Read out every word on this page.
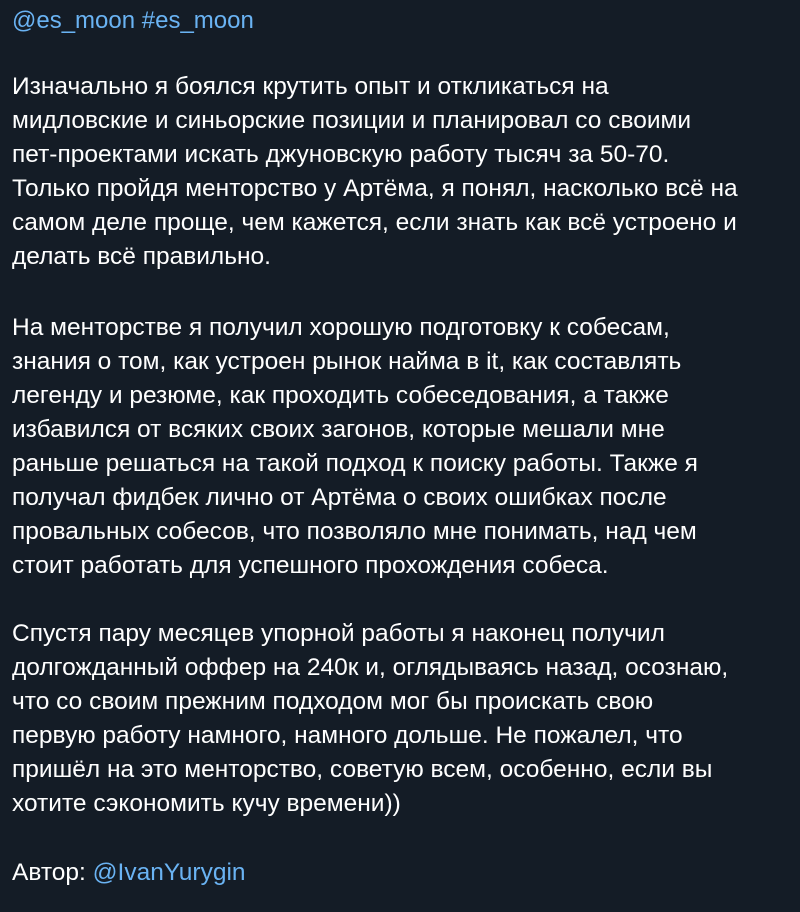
@es_moon #es_moon
Изначально я боялся крутить опыт и откликаться на
мидловские и синьорские позиции и планировал со своими
пет-проектами искать джуновскую работу тысяч за 50-70.
Только пройдя менторство у Артёма, я понял, насколько всё на
самом деле проще, чем кажется, если знать как всё устроено и
делать всё правильно.
На менторстве я получил хорошую подготовку к собесам,
знания о том, как устроен рынок найма в it, как составлять
легенду и резюме, как проходить собеседования, а также
избавился от всяких своих загонов, которые мешали мне
раньше решаться на такой подход к поиску работы. Также я
получал фидбек лично от Артёма о своих ошибках после
провальных собесов, что позволяло мне понимать, над чем
стоит работать для успешного прохождения собеса.
Спустя пару месяцев упорной работы я наконец получил
долгожданный оффер на 240к и, оглядываясь назад, осознаю,
что со своим прежним подходом мог бы проискать свою
первую работу намного, намного дольше. Не пожалел, что
пришёл на это менторство, советую всем, особенно, если вы
хотите сэкономить кучу времени))
Автор: @IvanYurygin
